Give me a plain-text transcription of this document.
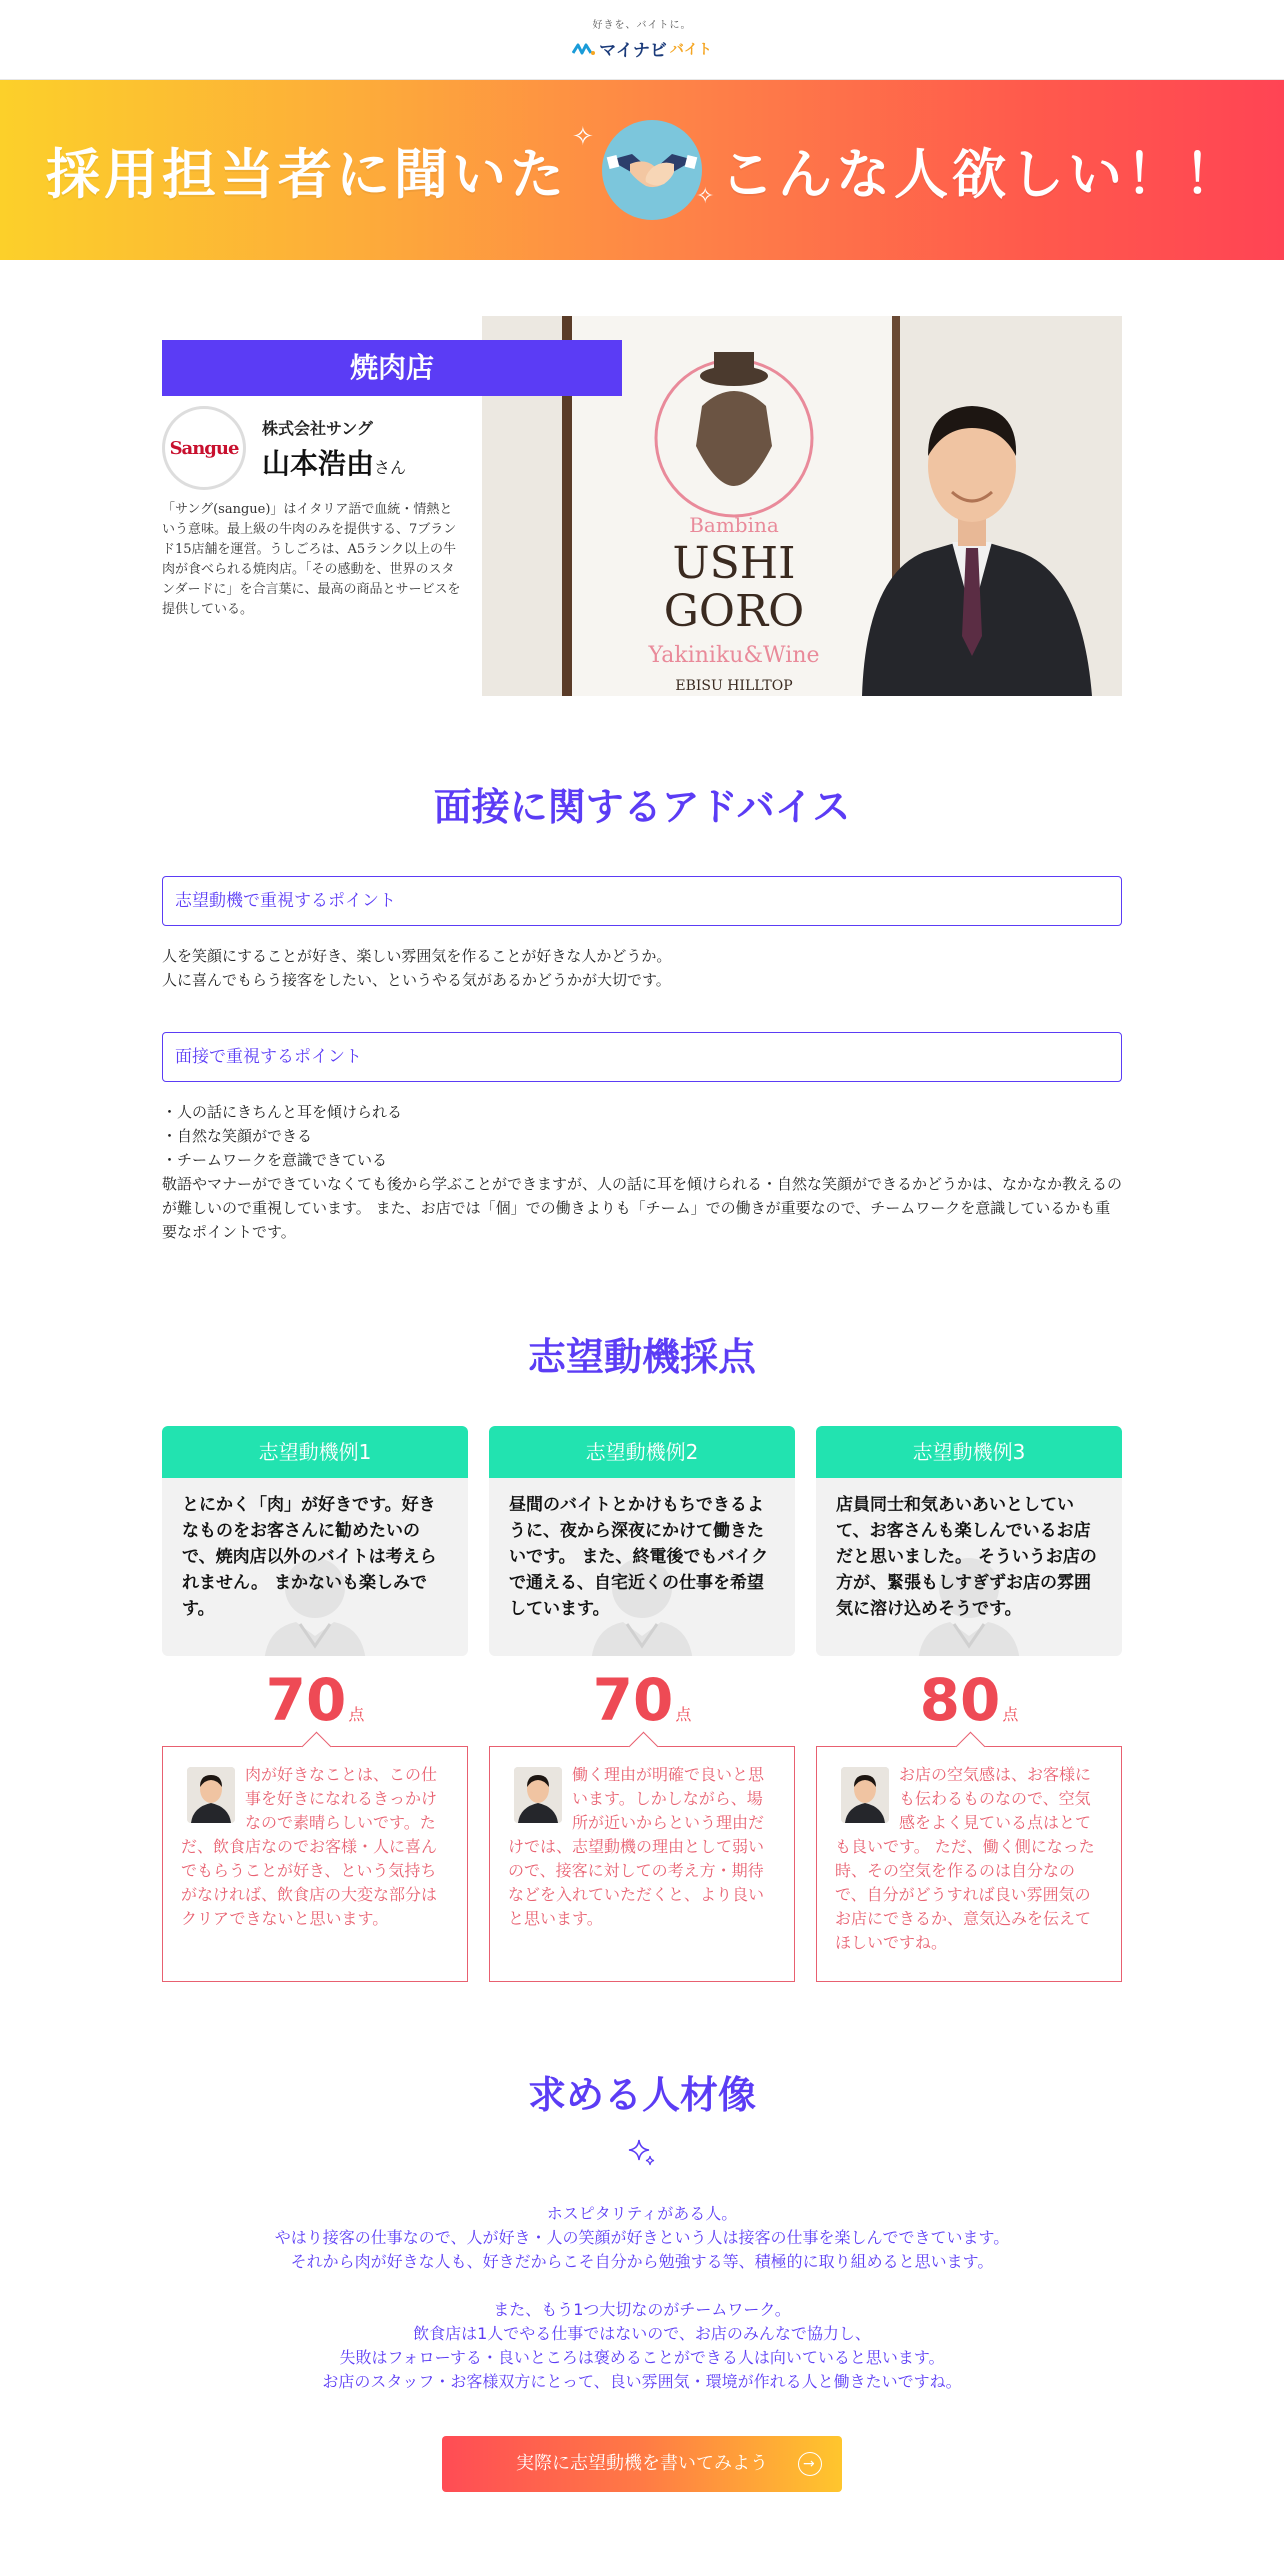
好きを、バイトに。
マイナビ バイト
採用担当者に聞いた
✧
✧ こんな人欲しい！！
焼肉店
Sangue
株式会社サング
山本浩由さん

「サング(sangue)」はイタリア語で血統・情熱という意味。最上級の牛肉のみを提供する、7ブランド15店舗を運営。うしごろは、A5ランク以上の牛肉が食べられる焼肉店。「その感動を、世界のスタンダードに」を合言葉に、最高の商品とサービスを提供している。

Bambina
USHI
GORO
Yakiniku&Wine
EBISU HILLTOP
面接に関するアドバイス
志望動機で重視するポイント
人を笑顔にすることが好き、楽しい雰囲気を作ることが好きな人かどうか。
人に喜んでもらう接客をしたい、というやる気があるかどうかが大切です。
面接で重視するポイント
・人の話にきちんと耳を傾けられる
・自然な笑顔ができる
・チームワークを意識できている
敬語やマナーができていなくても後から学ぶことができますが、人の話に耳を傾けられる・自然な笑顔ができるかどうかは、なかなか教えるのが難しいので重視しています。 また、お店では「個」での働きよりも「チーム」での働きが重要なので、チームワークを意識しているかも重要なポイントです。
志望動機採点
志望動機例1
とにかく「肉」が好きです。好きなものをお客さんに勧めたいので、焼肉店以外のバイトは考えられません。 まかないも楽しみです。
70 点
肉が好きなことは、この仕事を好きになれるきっかけなので素晴らしいです。ただ、飲食店なのでお客様・人に喜んでもらうことが好き、という気持ちがなければ、飲食店の大変な部分はクリアできないと思います。
志望動機例2
昼間のバイトとかけもちできるように、夜から深夜にかけて働きたいです。 また、終電後でもバイクで通える、自宅近くの仕事を希望しています。
70 点
働く理由が明確で良いと思います。しかしながら、場所が近いからという理由だけでは、志望動機の理由として弱いので、接客に対しての考え方・期待などを入れていただくと、より良いと思います。
志望動機例3
店員同士和気あいあいとしていて、お客さんも楽しんでいるお店だと思いました。 そういうお店の方が、緊張もしすぎずお店の雰囲気に溶け込めそうです。
80 点
お店の空気感は、お客様にも伝わるものなので、空気感をよく見ている点はとても良いです。 ただ、働く側になった時、その空気を作るのは自分なので、自分がどうすれば良い雰囲気のお店にできるか、意気込みを伝えてほしいですね。
求める人材像
ホスピタリティがある人。
やはり接客の仕事なので、人が好き・人の笑顔が好きという人は接客の仕事を楽しんでできています。
それから肉が好きな人も、好きだからこそ自分から勉強する等、積極的に取り組めると思います。
また、もう1つ大切なのがチームワーク。
飲食店は1人でやる仕事ではないので、お店のみんなで協力し、
失敗はフォローする・良いところは褒めることができる人は向いていると思います。
お店のスタッフ・お客様双方にとって、良い雰囲気・環境が作れる人と働きたいですね。
実際に志望動機を書いてみよう
→
